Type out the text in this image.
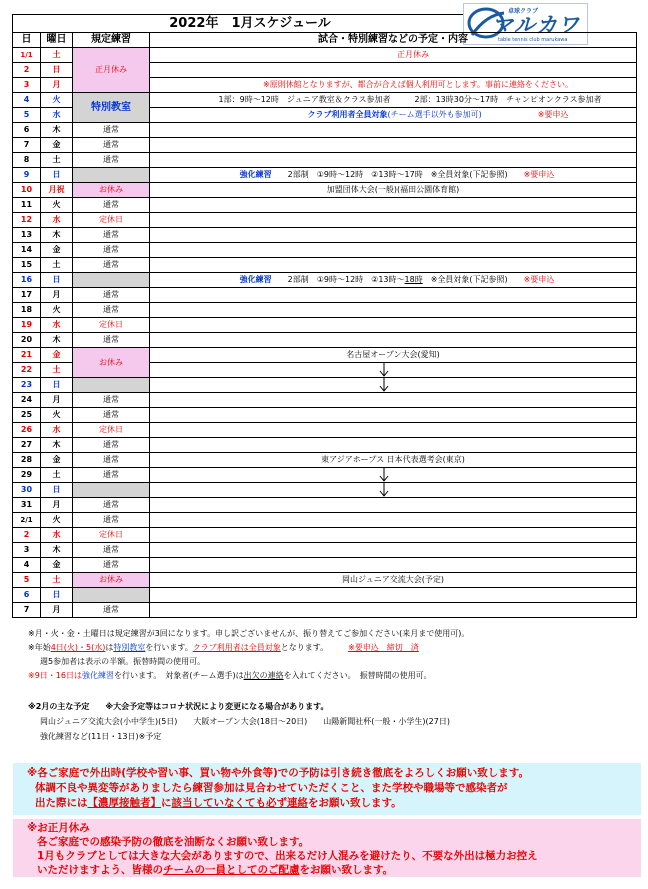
2022年　1月スケジュール
卓球クラブ
マルカワ
table tennis club marukawa
日	曜日	規定練習	試合・特別練習などの予定・内容
1/1	土	正月休み	正月休み

2	日		
3	月		※原則休館となりますが、都合が合えば個人利用可とします。事前に連絡をください。

4	火	特別教室	1部：9時～12時　ジュニア教室＆クラス参加者　　　 2部：13時30分～17時　チャンピオンクラス参加者

5	水		クラブ利用者全員対象(チーム選手以外も参加可)　　　　　　　 ※要申込

6	木	通常	
7	金	通常	
8	土	通常	
9	日		強化練習　　 2部制　①9時～12時　②13時～17時　※全員対象(下記参照)　　 ※要申込

10	月祝	お休み	加盟団体大会(一般)(福田公園体育館)

11	火	通常	
12	水	定休日	
13	木	通常	
14	金	通常	
15	土	通常	
16	日		強化練習　　 2部制　①9時～12時　②13時～18時　※全員対象(下記参照)　　 ※要申込

17	月	通常	
18	火	通常	
19	水	定休日	
20	木	通常	
21	金	お休み	名古屋オープン大会(愛知)

22	土	

23	日		

24	月	通常	
25	火	通常	
26	水	定休日	
27	木	通常	
28	金	通常	東アジアホープス 日本代表選考会(東京)

29	土	通常	

30	日		

31	月	通常	
2/1	火	通常	
2	水	定休日	
3	木	通常	
4	金	通常	
5	土	お休み	岡山ジュニア交流大会(予定)

6	日		
7	月	通常	
※月・火・金・土曜日は規定練習が3回になります。申し訳ございませんが、振り替えてご参加ください(来月まで使用可)。
※年始4日(火)・5(水)は特別教室を行います。クラブ利用者は全員対象となります。　　　	※要申込　締切　済
週5参加者は表示の半額。振替時間の使用可。
※9日・16日は強化練習を行います。　対象者(チーム選手)は出欠の連絡を入れてください。　振替時間の使用可。
※2月の主な予定　　※大会予定等はコロナ状況により変更になる場合があります。
岡山ジュニア交流大会(小中学生)(5日)　　大阪オープン大会(18日～20日)　　山陽新聞社杯(一般・小学生)(27日)
強化練習など(11日・13日)※予定
※各ご家庭で外出時(学校や習い事、買い物や外食等)での予防は引き続き徹底をよろしくお願い致します。
体調不良や異変等がありましたら練習参加は見合わせていただくこと、また学校や職場等で感染者が
出た際には【濃厚接触者】に該当していなくても必ず連絡をお願い致します。
※お正月休み
各ご家庭での感染予防の徹底を油断なくお願い致します。
1月もクラブとしては大きな大会がありますので、出来るだけ人混みを避けたり、不要な外出は極力お控え
いただけますよう、皆様のチームの一員としてのご配慮をお願い致します。
